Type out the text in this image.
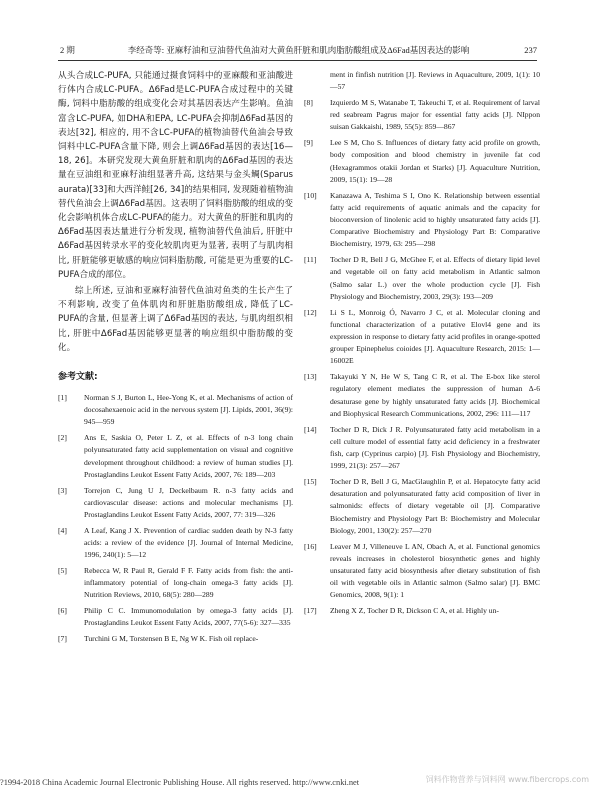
2 期	李经奇等: 亚麻籽油和豆油替代鱼油对大黄鱼肝脏和肌肉脂肪酸组成及Δ6Fad基因表达的影响	237

从头合成LC-PUFA, 只能通过摄食饲料中的亚麻酸和亚油酸进行体内合成LC-PUFA。Δ6Fad是LC-PUFA合成过程中的关键酶, 饲料中脂肪酸的组成变化会对其基因表达产生影响。鱼油富含LC-PUFA, 如DHA和EPA, LC-PUFA会抑制Δ6Fad基因的表达[32], 相应的, 用不含LC-PUFA的植物油替代鱼油会导致饲料中LC-PUFA含量下降, 则会上调Δ6Fad基因的表达[16—18, 26]。本研究发现大黄鱼肝脏和肌肉的Δ6Fad基因的表达量在豆油组和亚麻籽油组显著升高, 这结果与金头鲷(Sparus aurata)[33]和大西洋鲑[26, 34]的结果相同, 发现随着植物油替代鱼油会上调Δ6Fad基因。这表明了饲料脂肪酸的组成的变化会影响机体合成LC-PUFA的能力。对大黄鱼的肝脏和肌肉的Δ6Fad基因表达量进行分析发现, 植物油替代鱼油后, 肝脏中Δ6Fad基因转录水平的变化较肌肉更为显著, 表明了与肌肉相比, 肝脏能够更敏感的响应饲料脂肪酸, 可能是更为重要的LC-PUFA合成的部位。

综上所述, 豆油和亚麻籽油替代鱼油对鱼类的生长产生了不利影响, 改变了鱼体肌肉和肝脏脂肪酸组成, 降低了LC-PUFA的含量, 但显著上调了Δ6Fad基因的表达, 与肌肉组织相比, 肝脏中Δ6Fad基因能够更显著的响应组织中脂肪酸的变化。

参考文献:
[1] Norman S J, Burton L, Hee-Yong K, et al. Mechanisms of action of docosahexaenoic acid in the nervous system [J]. Lipids, 2001, 36(9): 945—959
[2] Ans E, Saskia O, Peter L Z, et al. Effects of n-3 long chain polyunsaturated fatty acid supplementation on visual and cognitive development throughout childhood: a review of human studies [J]. Prostaglandins Leukot Essent Fatty Acids, 2007, 76: 189—203
[3] Torrejon C, Jung U J, Deckelbaum R. n-3 fatty acids and cardiovascular disease: actions and molecular mechanisms [J]. Prostaglandins Leukot Essent Fatty Acids, 2007, 77: 319—326
[4] A Leaf, Kang J X. Prevention of cardiac sudden death by N-3 fatty acids: a review of the evidence [J]. Journal of Internal Medicine, 1996, 240(1): 5—12
[5] Rebecca W, R Paul R, Gerald F F. Fatty acids from fish: the anti-inflammatory potential of long-chain omega-3 fatty acids [J]. Nutrition Reviews, 2010, 68(5): 280—289
[6] Philip C C. Immunomodulation by omega-3 fatty acids [J]. Prostaglandins Leukot Essent Fatty Acids, 2007, 77(5-6): 327—335
[7] Turchini G M, Torstensen B E, Ng W K. Fish oil replace-
ment in finfish nutrition [J]. Reviews in Aquaculture, 2009, 1(1): 10—57
[8] Izquierdo M S, Watanabe T, Takeuchi T, et al. Requirement of larval red seabream Pagrus major for essential fatty acids [J]. NIppon suisan Gakkaishi, 1989, 55(5): 859—867
[9] Lee S M, Cho S. Influences of dietary fatty acid profile on growth, body composition and blood chemistry in juvenile fat cod (Hexagrammos otakii Jordan et Starks) [J]. Aquaculture Nutrition, 2009, 15(1): 19—28
[10] Kanazawa A, Teshima S I, Ono K. Relationship between essential fatty acid requirements of aquatic animals and the capacity for bioconversion of linolenic acid to highly unsaturated fatty acids [J]. Comparative Biochemistry and Physiology Part B: Comparative Biochemistry, 1979, 63: 295—298
[11] Tocher D R, Bell J G, McGhee F, et al. Effects of dietary lipid level and vegetable oil on fatty acid metabolism in Atlantic salmon (Salmo salar L.) over the whole production cycle [J]. Fish Physiology and Biochemistry, 2003, 29(3): 193—209
[12] Li S L, Monroig Ó, Navarro J C, et al. Molecular cloning and functional characterization of a putative Elovl4 gene and its expression in response to dietary fatty acid profiles in orange-spotted grouper Epinephelus coioides [J]. Aquaculture Research, 2015: 1—16002E
[13] Takayuki Y N, He W S, Tang C R, et al. The E-box like sterol regulatory element mediates the suppression of human Δ-6 desaturase gene by highly unsaturated fatty acids [J]. Biochemical and Biophysical Research Communications, 2002, 296: 111—117
[14] Tocher D R, Dick J R. Polyunsaturated fatty acid metabolism in a cell culture model of essential fatty acid deficiency in a freshwater fish, carp (Cyprinus carpio) [J]. Fish Physiology and Biochemistry, 1999, 21(3): 257—267
[15] Tocher D R, Bell J G, MacGlaughlin P, et al. Hepatocyte fatty acid desaturation and polyunsaturated fatty acid composition of liver in salmonids: effects of dietary vegetable oil [J]. Comparative Biochemistry and Physiology Part B: Biochemistry and Molecular Biology, 2001, 130(2): 257—270
[16] Leaver M J, Villeneuve L AN, Obach A, et al. Functional genomics reveals increases in cholesterol biosynthetic genes and highly unsaturated fatty acid biosynthesis after dietary substitution of fish oil with vegetable oils in Atlantic salmon (Salmo salar) [J]. BMC Genomics, 2008, 9(1): 1
[17] Zheng X Z, Tocher D R, Dickson C A, et al. Highly un-
?1994-2018 China Academic Journal Electronic Publishing House. All rights reserved. http://www.cnki.net	饲料作物营养与饲料网 www.fibercrops.com
